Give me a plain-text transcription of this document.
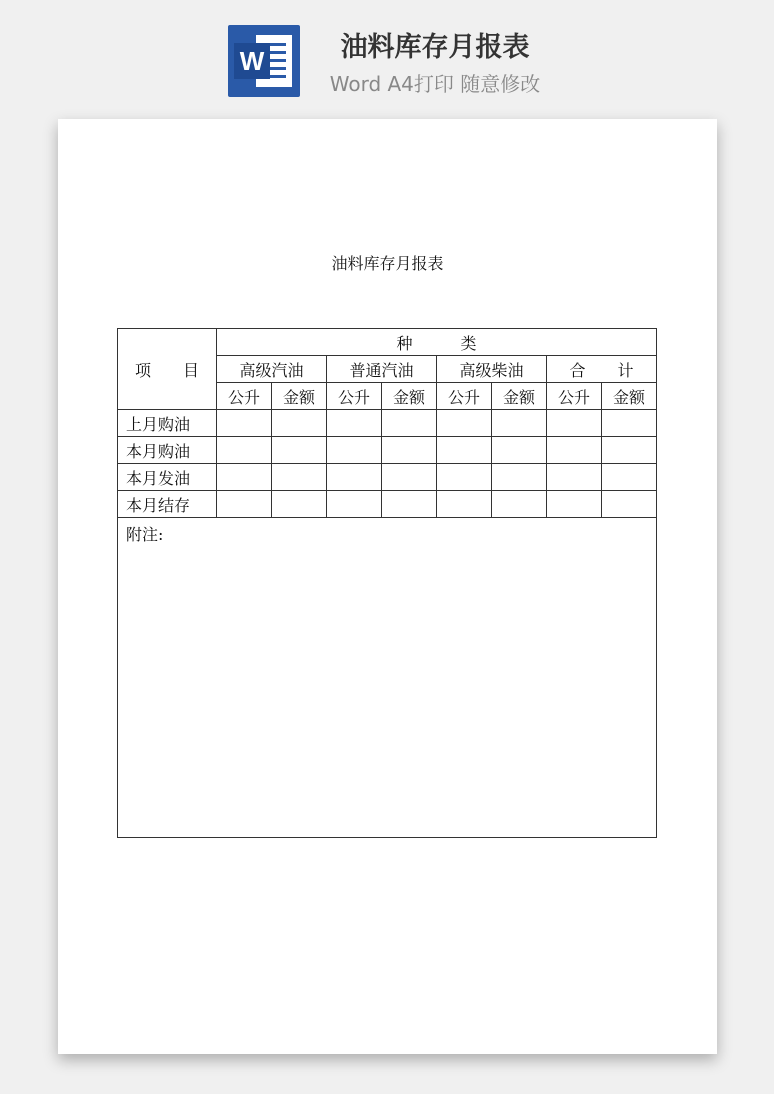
W	油料库存月报表
Word A4打印 随意修改
油料库存月报表
项　　目	种　　　类							
	高级汽油		普通汽油		高级柴油		合　　计	
	公升	金额	公升	金额	公升	金额	公升	金额
上月购油								
本月购油								
本月发油								
本月结存								
附注:								
